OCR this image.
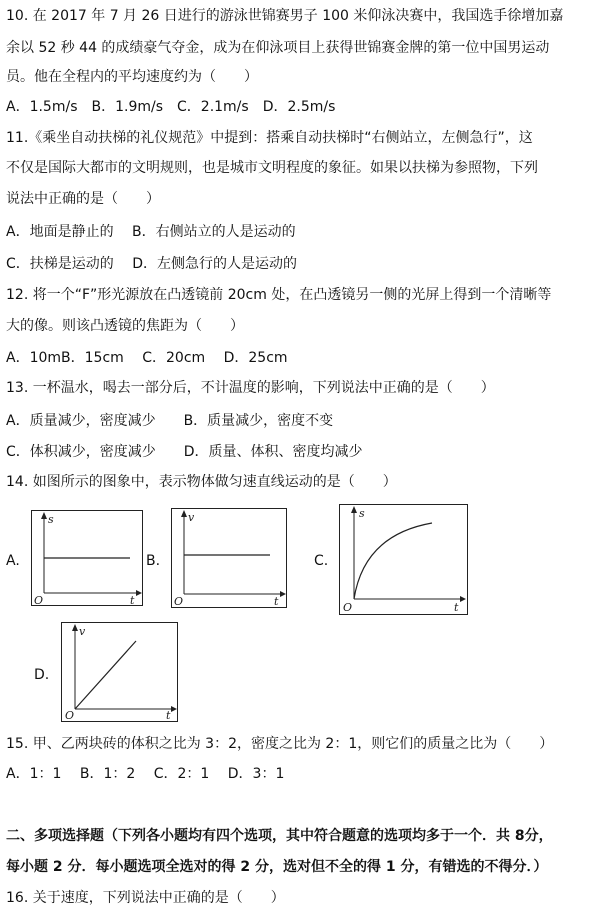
10. 在 2017 年 7 月 26 日进行的游泳世锦赛男子 100 米仰泳决赛中，我国选手徐增加嘉
余以 52 秒 44 的成绩豪气夺金，成为在仰泳项目上获得世锦赛金牌的第一位中国男运动
员。他在全程内的平均速度约为（　　）
A．1.5m/s　B．1.9m/s　C．2.1m/s　D．2.5m/s
11.《乘坐自动扶梯的礼仪规范》中提到：搭乘自动扶梯时“右侧站立，左侧急行”，这
不仅是国际大都市的文明规则，也是城市文明程度的象征。如果以扶梯为参照物，下列
说法中正确的是（　　）
A．地面是静止的　 B．右侧站立的人是运动的
C．扶梯是运动的　 D．左侧急行的人是运动的
12. 将一个“F”形光源放在凸透镜前 20cm 处，在凸透镜另一侧的光屏上得到一个清晰等
大的像。则该凸透镜的焦距为（　　）
A．10mB．15cm　 C．20cm　 D．25cm
13. 一杯温水，喝去一部分后，不计温度的影响，下列说法中正确的是（　　）
A．质量减少，密度减少　　B．质量减少，密度不变
C．体积减少，密度减少　　D．质量、体积、密度均减少
14. 如图所示的图象中，表示物体做匀速直线运动的是（　　）
A.
s
t
O
B.
v
t
O
C.
s
t
O
D.
v
t
O
15. 甲、乙两块砖的体积之比为 3：2，密度之比为 2：1，则它们的质量之比为（　　）
A．1：1　 B．1：2　 C．2：1　 D．3：1
二、多项选择题（下列各小题均有四个选项，其中符合题意的选项均多于一个．共 8分，
每小题 2 分．每小题选项全选对的得 2 分，选对但不全的得 1 分，有错选的不得分．）
16. 关于速度，下列说法中正确的是（　　）
